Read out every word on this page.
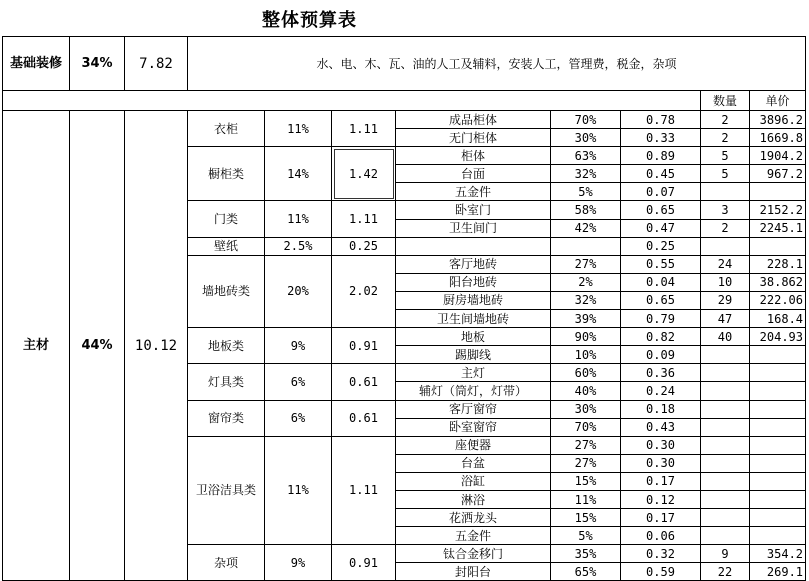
整体预算表
基础装修	34%	7.82	水、电、木、瓦、油的人工及辅料，安装人工，管理费，税金，杂项							
									数量	单价
主材	44%	10.12	衣柜	11%	1.11	成品柜体	70%	0.78	2	3896.2
						无门柜体	30%	0.33	2	1669.8
			橱柜类	14%	1.42	柜体	63%	0.89	5	1904.2
						台面	32%	0.45	5	967.2
						五金件	5%	0.07		
			门类	11%	1.11	卧室门	58%	0.65	3	2152.2
						卫生间门	42%	0.47	2	2245.1
			壁纸	2.5%	0.25			0.25		
			墙地砖类	20%	2.02	客厅地砖	27%	0.55	24	228.1
						阳台地砖	2%	0.04	10	38.862
						厨房墙地砖	32%	0.65	29	222.06
						卫生间墙地砖	39%	0.79	47	168.4
			地板类	9%	0.91	地板	90%	0.82	40	204.93
						踢脚线	10%	0.09		
			灯具类	6%	0.61	主灯	60%	0.36		
						辅灯（筒灯，灯带）	40%	0.24		
			窗帘类	6%	0.61	客厅窗帘	30%	0.18		
						卧室窗帘	70%	0.43		
			卫浴洁具类	11%	1.11	座便器	27%	0.30		
						台盆	27%	0.30		
						浴缸	15%	0.17		
						淋浴	11%	0.12		
						花洒龙头	15%	0.17		
						五金件	5%	0.06		
			杂项	9%	0.91	钛合金移门	35%	0.32	9	354.2
						封阳台	65%	0.59	22	269.1
